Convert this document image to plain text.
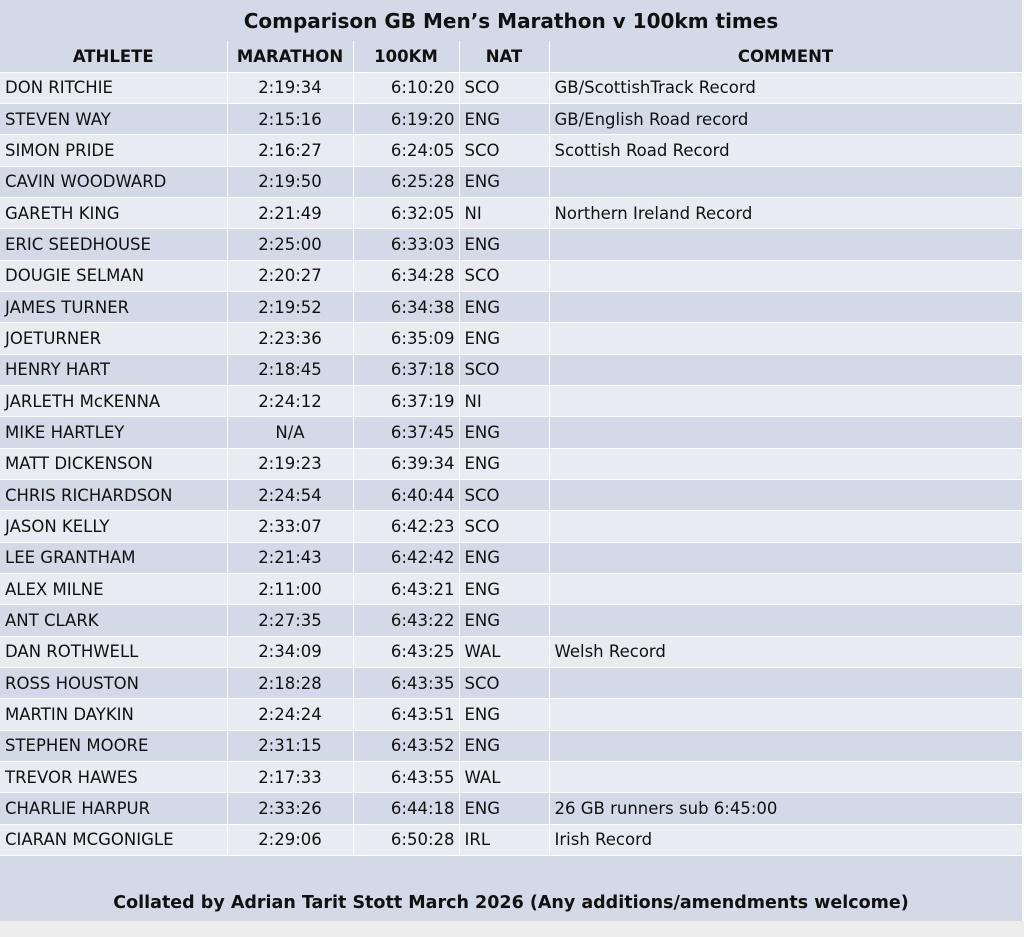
Comparison GB Men’s Marathon v 100km times
ATHLETE	MARATHON	100KM	NAT	COMMENT
DON RITCHIE	2:19:34	6:10:20	SCO	GB/ScottishTrack Record
STEVEN WAY	2:15:16	6:19:20	ENG	GB/English Road record
SIMON PRIDE	2:16:27	6:24:05	SCO	Scottish Road Record
CAVIN WOODWARD	2:19:50	6:25:28	ENG	
GARETH KING	2:21:49	6:32:05	NI	Northern Ireland Record
ERIC SEEDHOUSE	2:25:00	6:33:03	ENG	
DOUGIE SELMAN	2:20:27	6:34:28	SCO	
JAMES TURNER	2:19:52	6:34:38	ENG	
JOETURNER	2:23:36	6:35:09	ENG	
HENRY HART	2:18:45	6:37:18	SCO	
JARLETH McKENNA	2:24:12	6:37:19	NI	
MIKE HARTLEY	N/A	6:37:45	ENG	
MATT DICKENSON	2:19:23	6:39:34	ENG	
CHRIS RICHARDSON	2:24:54	6:40:44	SCO	
JASON KELLY	2:33:07	6:42:23	SCO	
LEE GRANTHAM	2:21:43	6:42:42	ENG	
ALEX MILNE	2:11:00	6:43:21	ENG	
ANT CLARK	2:27:35	6:43:22	ENG	
DAN ROTHWELL	2:34:09	6:43:25	WAL	Welsh Record
ROSS HOUSTON	2:18:28	6:43:35	SCO	
MARTIN DAYKIN	2:24:24	6:43:51	ENG	
STEPHEN MOORE	2:31:15	6:43:52	ENG	
TREVOR HAWES	2:17:33	6:43:55	WAL	
CHARLIE HARPUR	2:33:26	6:44:18	ENG	26 GB runners sub 6:45:00
CIARAN MCGONIGLE	2:29:06	6:50:28	IRL	Irish Record
Collated by Adrian Tarit Stott March 2026 (Any additions/amendments welcome)
